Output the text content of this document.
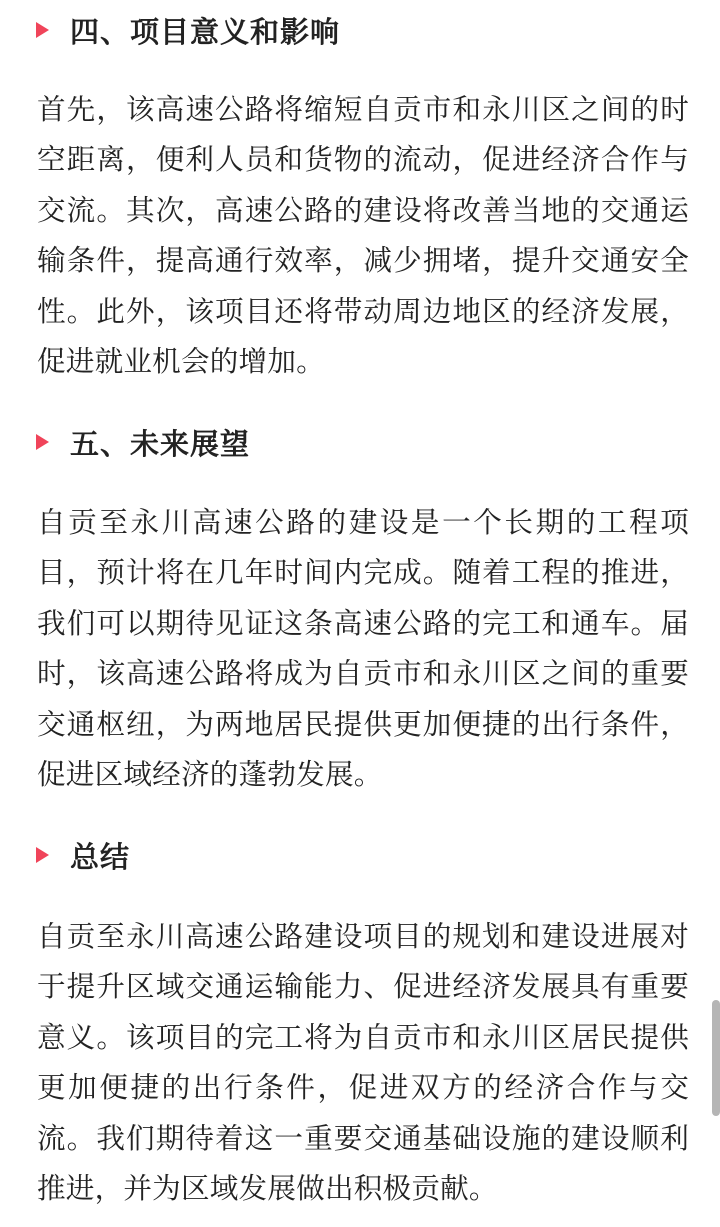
四、项目意义和影响

首先，该高速公路将缩短自贡市和永川区之间的时空距离，便利人员和货物的流动，促进经济合作与交流。其次，高速公路的建设将改善当地的交通运输条件，提高通行效率，减少拥堵，提升交通安全性。此外，该项目还将带动周边地区的经济发展，促进就业机会的增加。

五、未来展望

自贡至永川高速公路的建设是一个长期的工程项目，预计将在几年时间内完成。随着工程的推进，我们可以期待见证这条高速公路的完工和通车。届时，该高速公路将成为自贡市和永川区之间的重要交通枢纽，为两地居民提供更加便捷的出行条件，促进区域经济的蓬勃发展。

总结

自贡至永川高速公路建设项目的规划和建设进展对于提升区域交通运输能力、促进经济发展具有重要意义。该项目的完工将为自贡市和永川区居民提供更加便捷的出行条件，促进双方的经济合作与交流。我们期待着这一重要交通基础设施的建设顺利推进，并为区域发展做出积极贡献。
